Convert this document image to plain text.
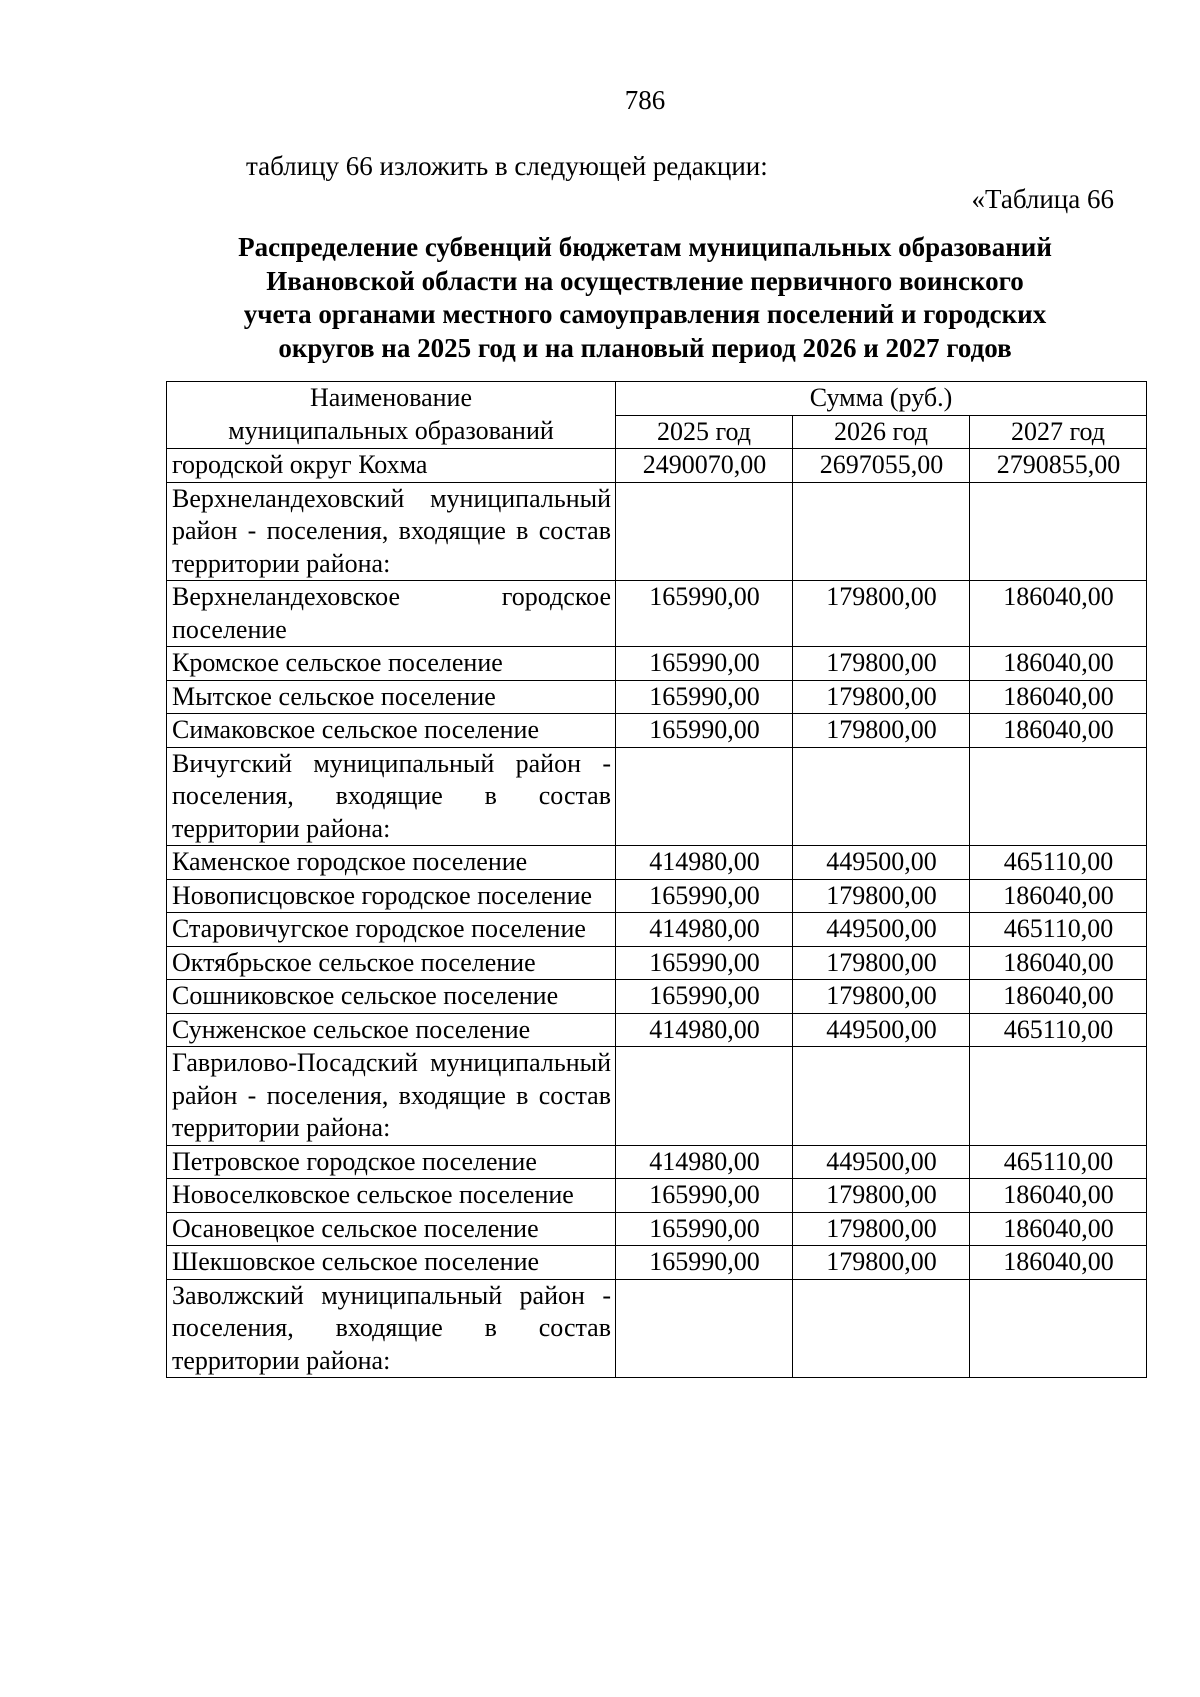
786
таблицу 66 изложить в следующей редакции:
«Таблица 66
Распределение субвенций бюджетам муниципальных образований
Ивановской области на осуществление первичного воинского
учета органами местного самоуправления поселений и городских
округов на 2025 год и на плановый период 2026 и 2027 годов
Наименование
муниципальных образований	Сумма (руб.)		
	2025 год	2026 год	2027 год
городской округ Кохма	2490070,00	2697055,00	2790855,00
Верхнеландеховский муниципальный район - поселения, входящие в состав территории района:			
Верхнеландеховское городское поселение	165990,00	179800,00	186040,00
Кромское сельское поселение	165990,00	179800,00	186040,00
Мытское сельское поселение	165990,00	179800,00	186040,00
Симаковское сельское поселение	165990,00	179800,00	186040,00
Вичугский муниципальный район - поселения, входящие в состав территории района:			
Каменское городское поселение	414980,00	449500,00	465110,00
Новописцовское городское поселение	165990,00	179800,00	186040,00
Старовичугское городское поселение	414980,00	449500,00	465110,00
Октябрьское сельское поселение	165990,00	179800,00	186040,00
Сошниковское сельское поселение	165990,00	179800,00	186040,00
Сунженское сельское поселение	414980,00	449500,00	465110,00
Гаврилово-Посадский муниципальный район - поселения, входящие в состав территории района:			
Петровское городское поселение	414980,00	449500,00	465110,00
Новоселковское сельское поселение	165990,00	179800,00	186040,00
Осановецкое сельское поселение	165990,00	179800,00	186040,00
Шекшовское сельское поселение	165990,00	179800,00	186040,00
Заволжский муниципальный район - поселения, входящие в состав территории района:			
